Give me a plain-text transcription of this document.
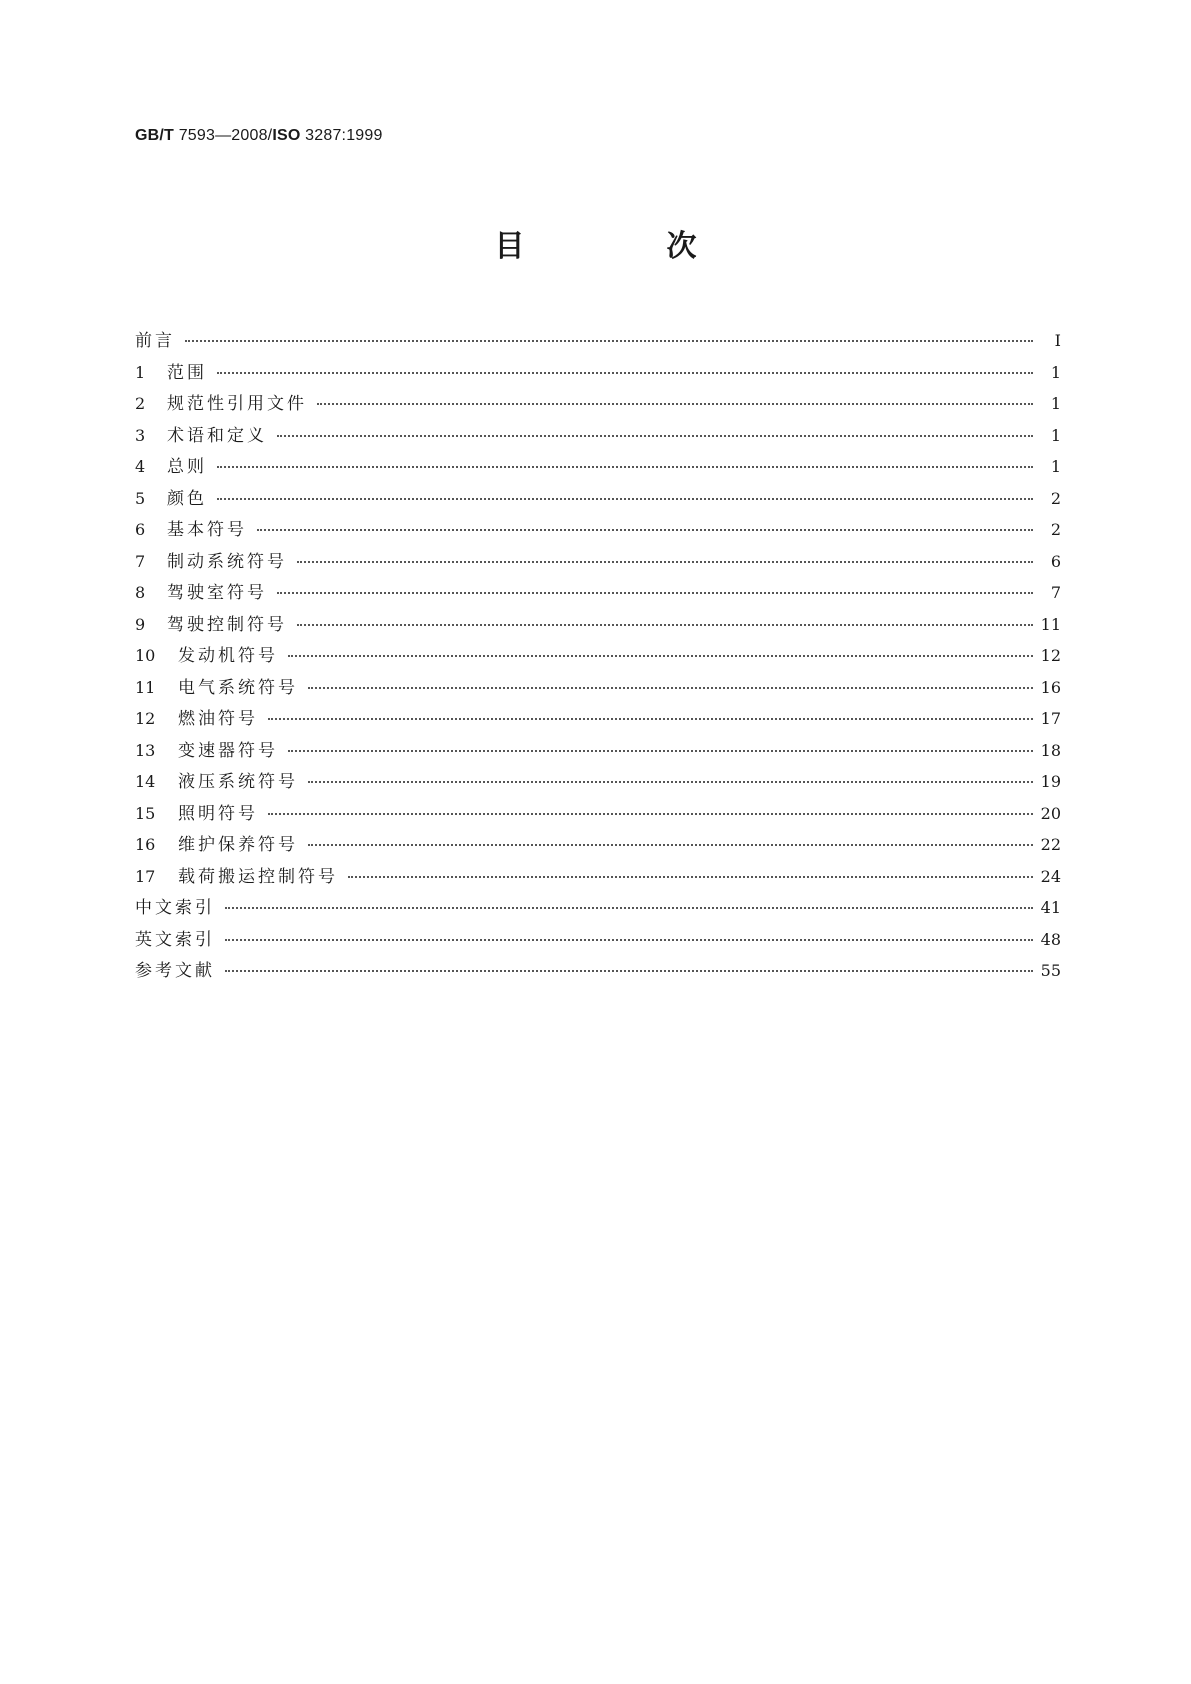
GB/T 7593—2008/ISO 3287:1999
目　次
前言	Ⅰ
1	范围	1
2	规范性引用文件	1
3	术语和定义	1
4	总则	1
5	颜色	2
6	基本符号	2
7	制动系统符号	6
8	驾驶室符号	7
9	驾驶控制符号	11
10	发动机符号	12
11	电气系统符号	16
12	燃油符号	17
13	变速器符号	18
14	液压系统符号	19
15	照明符号	20
16	维护保养符号	22
17	载荷搬运控制符号	24
中文索引	41
英文索引	48
参考文献	55
